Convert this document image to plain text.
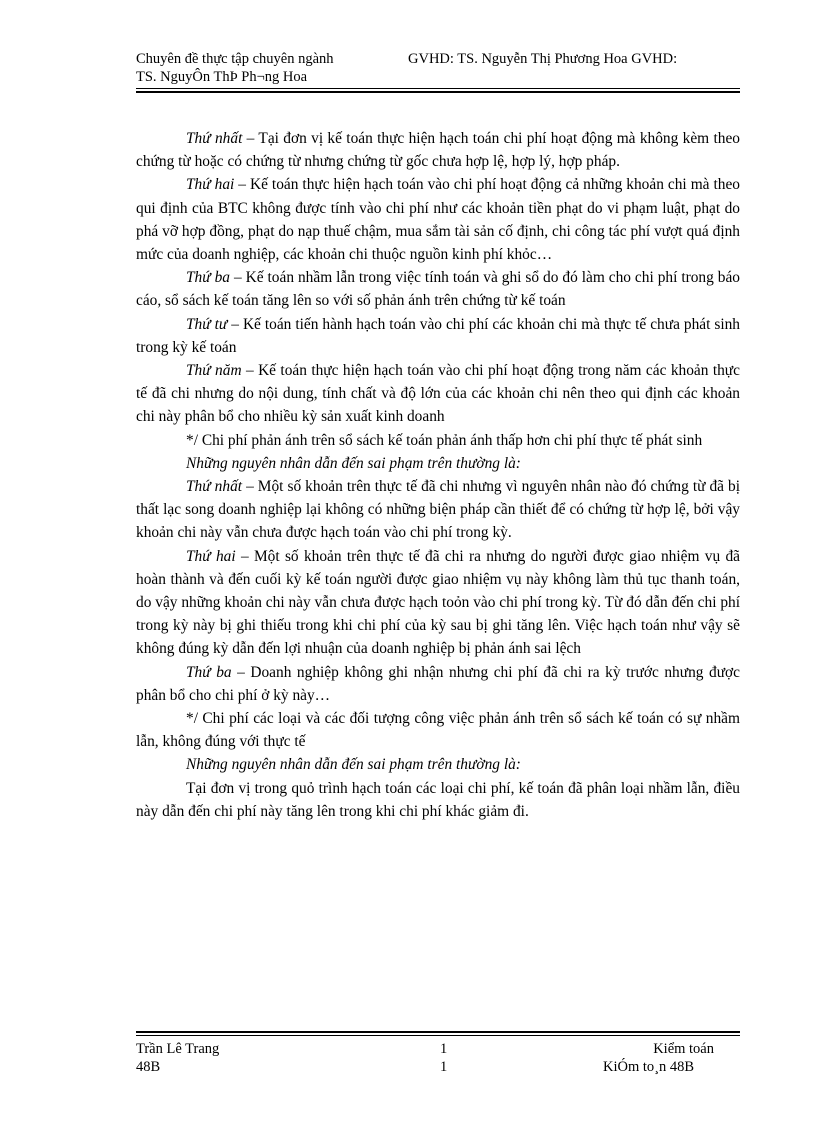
Chuyên đề thực tập chuyên ngành	GVHD: TS. Nguyễn Thị Phương Hoa GVHD:
TS. NguyÔn ThÞ Ph¬ng Hoa

Thứ nhất – Tại đơn vị kế toán thực hiện hạch toán chi phí hoạt động mà không kèm theo chứng từ hoặc có chứng từ nhưng chứng từ gốc chưa hợp lệ, hợp lý, hợp pháp.

Thứ hai – Kế toán thực hiện hạch toán vào chi phí hoạt động cả những khoản chi mà theo qui định của BTC không được tính vào chi phí như các khoản tiền phạt do vi phạm luật, phạt do phá vỡ hợp đồng, phạt do nạp thuế chậm, mua sắm tài sản cố định, chi công tác phí vượt quá định mức của doanh nghiệp, các khoản chi thuộc nguồn kinh phí khỏc…

Thứ ba – Kế toán nhầm lẫn trong việc tính toán và ghi sổ do đó làm cho chi phí trong báo cáo, sổ sách kế toán tăng lên so với số phản ánh trên chứng từ kế toán

Thứ tư – Kế toán tiến hành hạch toán vào chi phí các khoản chi mà thực tế chưa phát sinh trong kỳ kế toán

Thứ năm – Kế toán thực hiện hạch toán vào chi phí hoạt động trong năm các khoản thực tế đã chi nhưng do nội dung, tính chất và độ lớn của các khoản chi nên theo qui định các khoản chi này phân bổ cho nhiều kỳ sản xuất kinh doanh

*/ Chi phí phản ánh trên sổ sách kế toán phản ánh thấp hơn chi phí thực tế phát sinh

Những nguyên nhân dẫn đến sai phạm trên thường là:

Thứ nhất – Một số khoản trên thực tế đã chi nhưng vì nguyên nhân nào đó chứng từ đã bị thất lạc song doanh nghiệp lại không có những biện pháp cần thiết để có chứng từ hợp lệ, bởi vậy khoản chi này vẫn chưa được hạch toán vào chi phí trong kỳ.

Thứ hai – Một số khoản trên thực tế đã chi ra nhưng do người được giao nhiệm vụ đã hoàn thành và đến cuối kỳ kế toán người được giao nhiệm vụ này không làm thủ tục thanh toán, do vậy những khoản chi này vẫn chưa được hạch toỏn vào chi phí trong kỳ. Từ đó dẫn đến chi phí trong kỳ này bị ghi thiếu trong khi chi phí của kỳ sau bị ghi tăng lên. Việc hạch toán như vậy sẽ không đúng kỳ dẫn đến lợi nhuận của doanh nghiệp bị phản ánh sai lệch

Thứ ba – Doanh nghiệp không ghi nhận nhưng chi phí đã chi ra kỳ trước nhưng được phân bổ cho chi phí ở kỳ này…

*/ Chi phí các loại và các đối tượng công việc phản ánh trên sổ sách kế toán có sự nhầm lẫn, không đúng với thực tế

Những nguyên nhân dẫn đến sai phạm trên thường là:

Tại đơn vị trong quỏ trình hạch toán các loại chi phí, kế toán đã phân loại nhầm lẫn, điều này dẫn đến chi phí này tăng lên trong khi chi phí khác giảm đi.

Trần Lê Trang	1	Kiểm toán
48B	1	KiÓm to¸n 48B
